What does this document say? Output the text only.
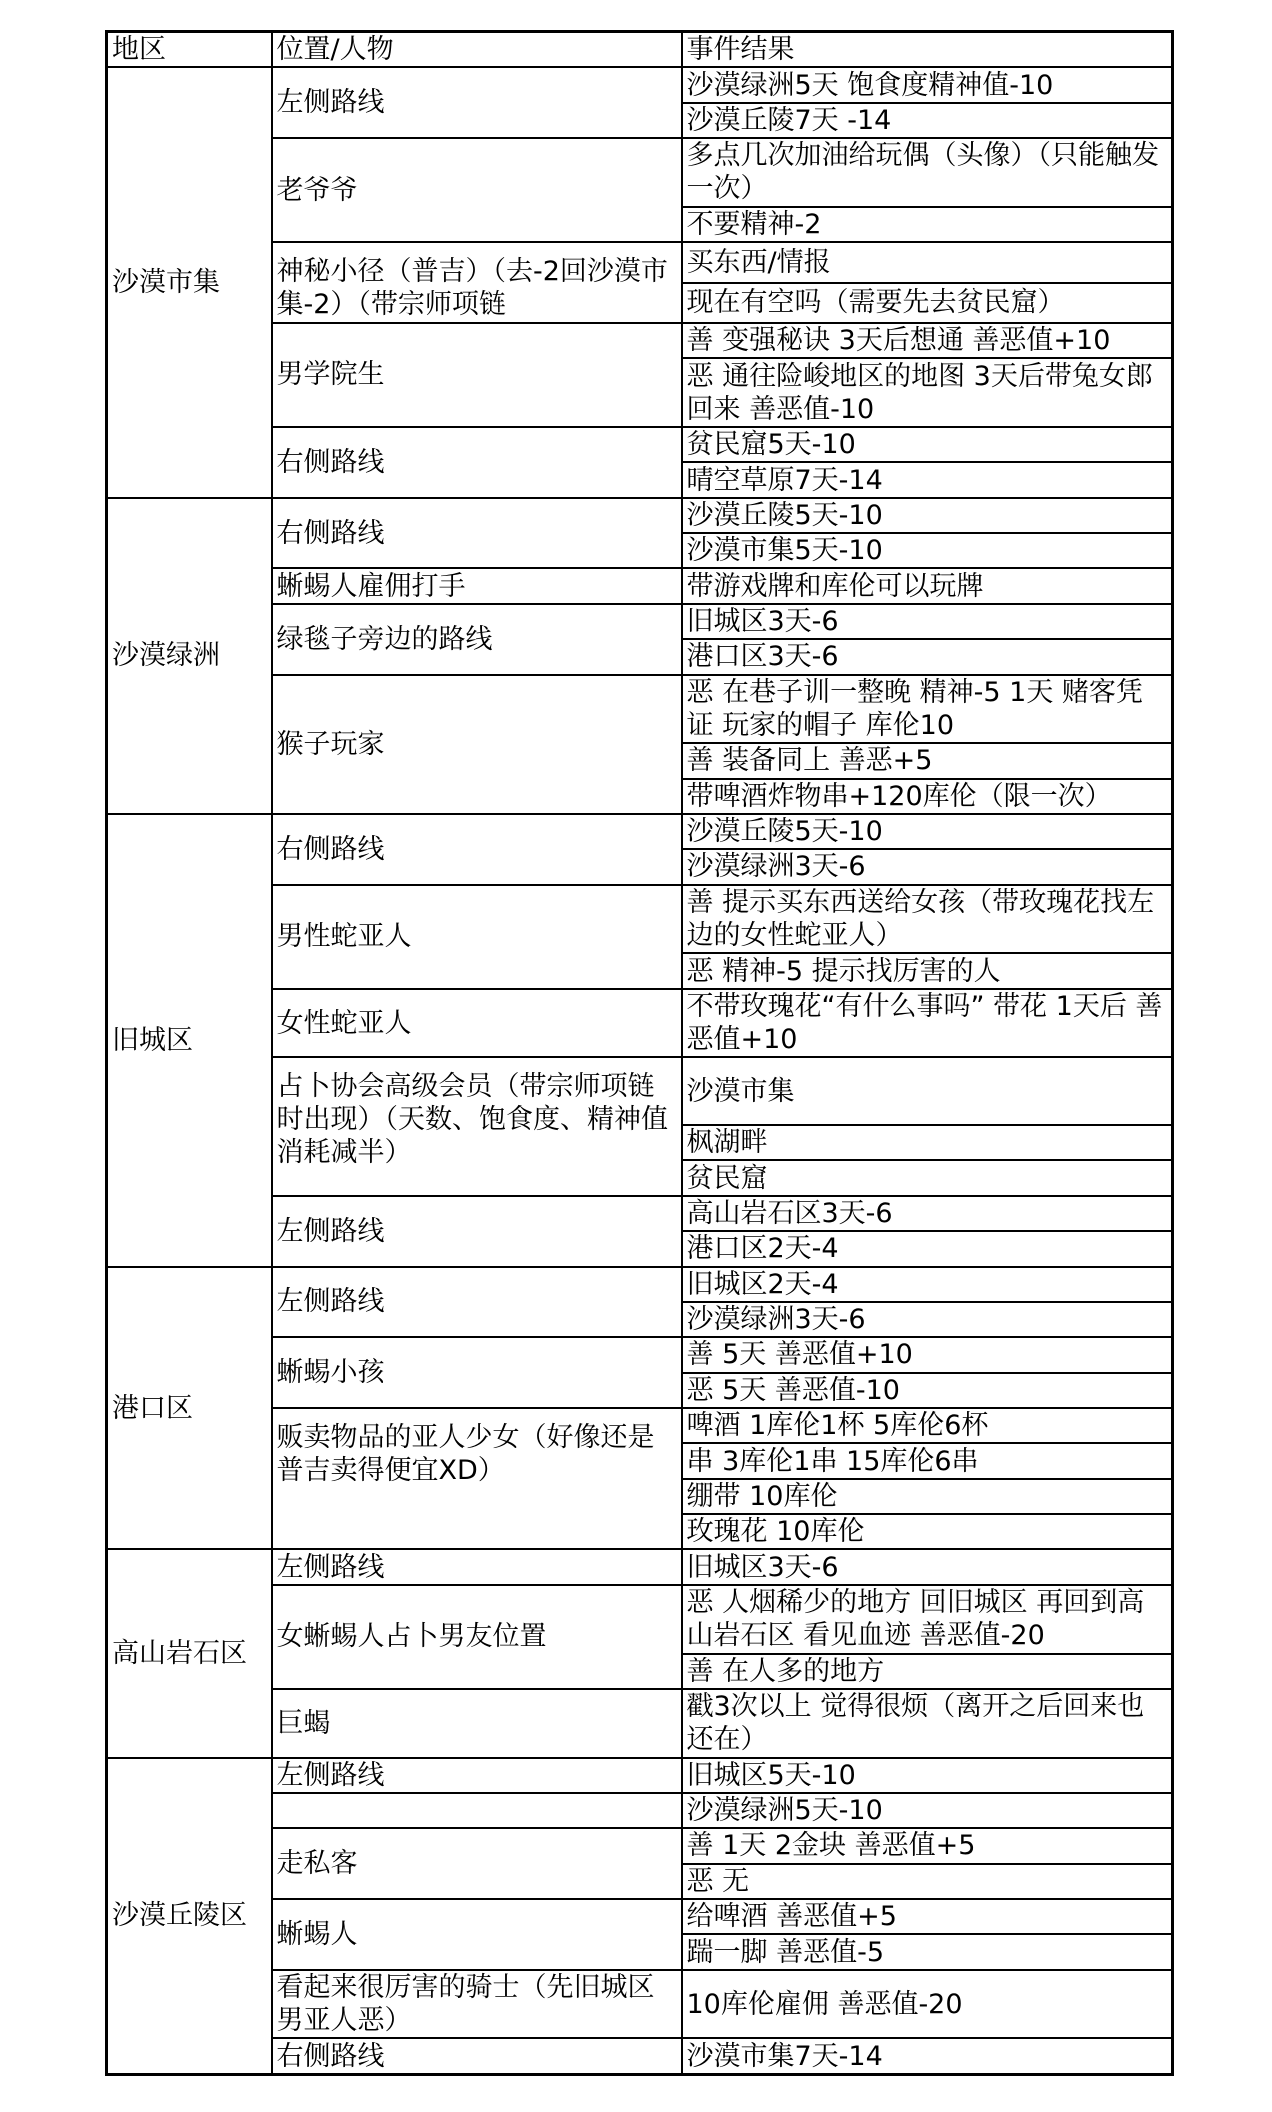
地区	位置/人物	事件结果
沙漠市集	左侧路线	沙漠绿洲5天 饱食度精神值-10
		沙漠丘陵7天 -14
	老爷爷	多点几次加油给玩偶（头像）（只能触发一次）
		不要精神-2
	神秘小径（普吉）（去-2回沙漠市集-2）（带宗师项链	买东西/情报
		现在有空吗（需要先去贫民窟）
	男学院生	善 变强秘诀 3天后想通 善恶值+10
		恶 通往险峻地区的地图 3天后带兔女郎回来 善恶值-10
	右侧路线	贫民窟5天-10
		晴空草原7天-14
沙漠绿洲	右侧路线	沙漠丘陵5天-10
		沙漠市集5天-10
	蜥蜴人雇佣打手	带游戏牌和库伦可以玩牌
	绿毯子旁边的路线	旧城区3天-6
		港口区3天-6
	猴子玩家	恶 在巷子训一整晚 精神-5 1天 赌客凭证 玩家的帽子 库伦10
		善 装备同上 善恶+5
		带啤酒炸物串+120库伦（限一次）
旧城区	右侧路线	沙漠丘陵5天-10
		沙漠绿洲3天-6
	男性蛇亚人	善 提示买东西送给女孩（带玫瑰花找左边的女性蛇亚人）
		恶 精神-5 提示找厉害的人
	女性蛇亚人	不带玫瑰花“有什么事吗” 带花 1天后 善恶值+10
	占卜协会高级会员（带宗师项链时出现）（天数、饱食度、精神值消耗减半）	沙漠市集
		枫湖畔
		贫民窟
	左侧路线	高山岩石区3天-6
		港口区2天-4
港口区	左侧路线	旧城区2天-4
		沙漠绿洲3天-6
	蜥蜴小孩	善 5天 善恶值+10
		恶 5天 善恶值-10
	贩卖物品的亚人少女（好像还是普吉卖得便宜XD）	啤酒 1库伦1杯 5库伦6杯
		串 3库伦1串 15库伦6串
		绷带 10库伦
		玫瑰花 10库伦
高山岩石区	左侧路线	旧城区3天-6
	女蜥蜴人占卜男友位置	恶 人烟稀少的地方 回旧城区 再回到高山岩石区 看见血迹 善恶值-20
		善 在人多的地方
	巨蝎	戳3次以上 觉得很烦（离开之后回来也还在）
沙漠丘陵区	左侧路线	旧城区5天-10
		沙漠绿洲5天-10
	走私客	善 1天 2金块 善恶值+5
		恶 无
	蜥蜴人	给啤酒 善恶值+5
		踹一脚 善恶值-5
	看起来很厉害的骑士（先旧城区男亚人恶）	10库伦雇佣 善恶值-20
	右侧路线	沙漠市集7天-14
